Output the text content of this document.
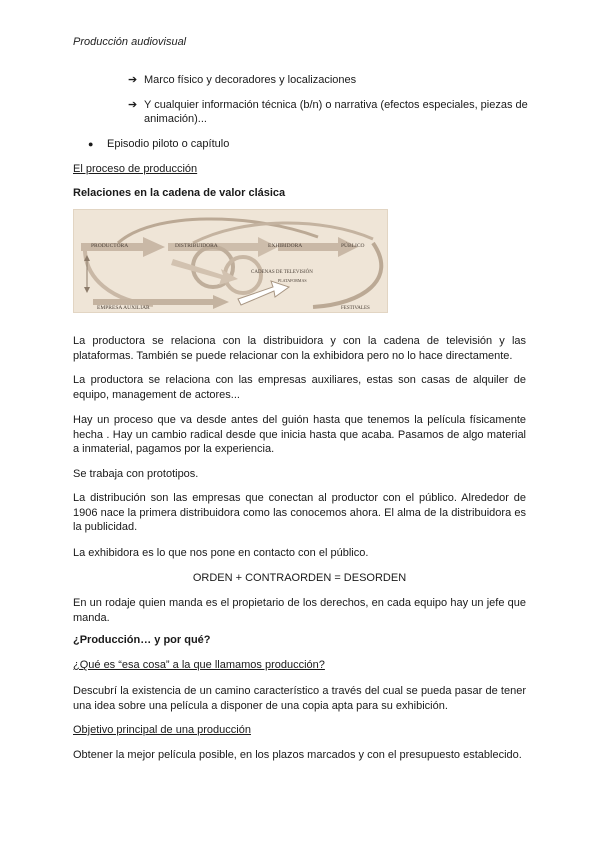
Producción audiovisual
➔ Marco físico y decoradores y localizaciones
➔ Y cualquier información técnica (b/n) o narrativa (efectos especiales, piezas de animación)...
●	Episodio piloto o capítulo
El proceso de producción
Relaciones en la cadena de valor clásica
PRODUCTORA	DISTRIBUIDORA	EXHIBIDORA	PÚBLICO
CADENAS DE TELEVISIÓN
PLATAFORMAS
EMPRESA AUXILIAR	FESTIVALES

La productora se relaciona con la distribuidora y con la cadena de televisión y las plataformas. También se puede relacionar con la exhibidora pero no lo hace directamente.

La productora se relaciona con las empresas auxiliares, estas son casas de alquiler de equipo, management de actores...

Hay un proceso que va desde antes del guión hasta que tenemos la película físicamente hecha . Hay un cambio radical desde que inicia hasta que acaba. Pasamos de algo material a inmaterial, pagamos por la experiencia.

Se trabaja con prototipos.

La distribución son las empresas que conectan al productor con el público. Alrededor de 1906 nace la primera distribuidora como las conocemos ahora. El alma de la distribuidora es la publicidad.

La exhibidora es lo que nos pone en contacto con el público.

ORDEN + CONTRAORDEN = DESORDEN

En un rodaje quien manda es el propietario de los derechos, en cada equipo hay un jefe que manda.

¿Producción… y por qué?
¿Qué es “esa cosa” a la que llamamos producción?

Descubrí la existencia de un camino característico a través del cual se pueda pasar de tener una idea sobre una película a disponer de una copia apta para su exhibición.

Objetivo principal de una producción

Obtener la mejor película posible, en los plazos marcados y con el presupuesto establecido.
